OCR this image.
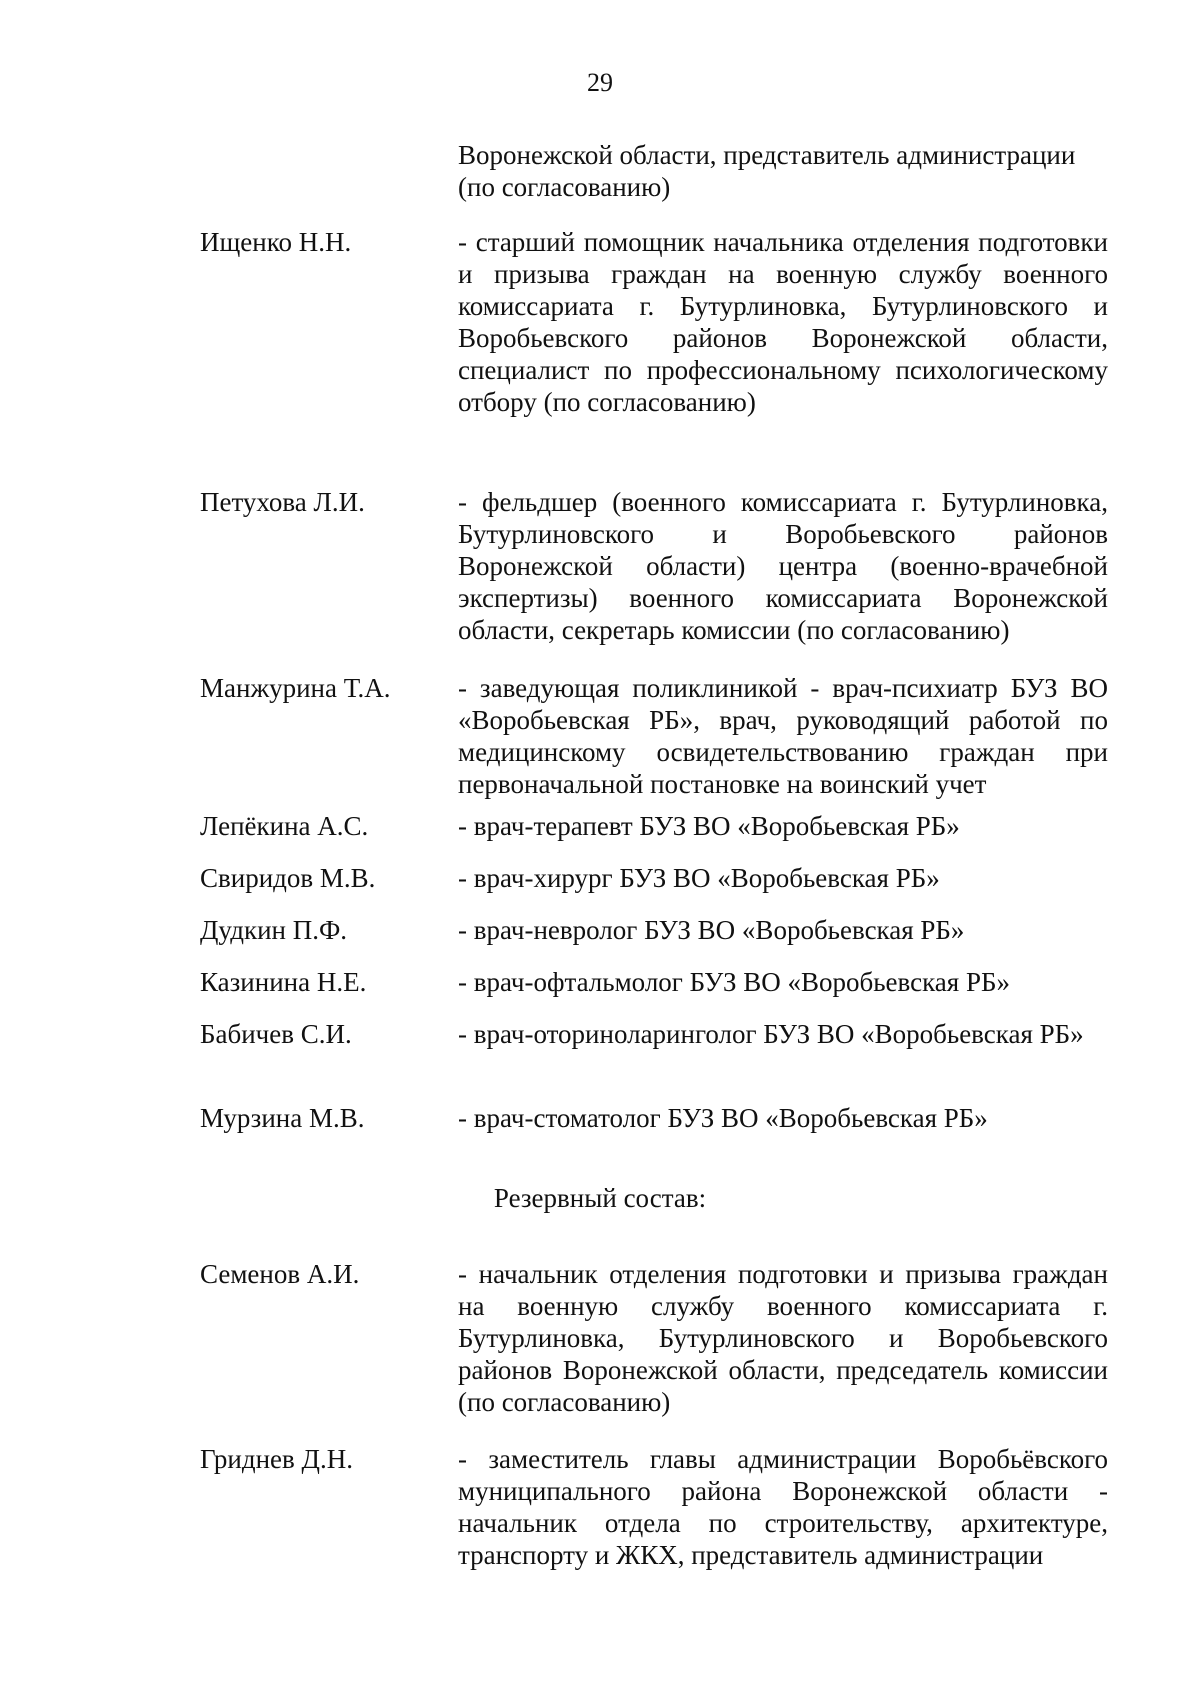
29
Воронежской области, представитель администрации (по согласованию)
Ищенко Н.Н.	- старший помощник начальника отделения подготовки и призыва граждан на военную службу военного комиссариата г. Бутурлиновка, Бутурлиновского и Воробьевского районов Воронежской области, специалист по профессиональному психологическому отбору (по согласованию)
Петухова Л.И.	- фельдшер (военного комиссариата г. Бутурлиновка, Бутурлиновского и Воробьевского районов Воронежской области) центра (военно-врачебной экспертизы) военного комиссариата Воронежской области, секретарь комиссии (по согласованию)
Манжурина Т.А.	- заведующая поликлиникой - врач-психиатр БУЗ ВО «Воробьевская РБ», врач, руководящий работой по медицинскому освидетельствованию граждан при первоначальной постановке на воинский учет
Лепёкина А.С.	- врач-терапевт БУЗ ВО «Воробьевская РБ»
Свиридов М.В.	- врач-хирург БУЗ ВО «Воробьевская РБ»
Дудкин П.Ф.	- врач-невролог БУЗ ВО «Воробьевская РБ»
Казинина Н.Е.	- врач-офтальмолог БУЗ ВО «Воробьевская РБ»
Бабичев С.И.	- врач-оториноларинголог БУЗ ВО «Воробьевская РБ»
Мурзина М.В.	- врач-стоматолог БУЗ ВО «Воробьевская РБ»
Резервный состав:
Семенов А.И.	- начальник отделения подготовки и призыва граждан на военную службу военного комиссариата г. Бутурлиновка, Бутурлиновского и Воробьевского районов Воронежской области, председатель комиссии (по согласованию)
Гриднев Д.Н.	- заместитель главы администрации Воробьёвского муниципального района Воронежской области - начальник отдела по строительству, архитектуре, транспорту и ЖКХ, представитель администрации
